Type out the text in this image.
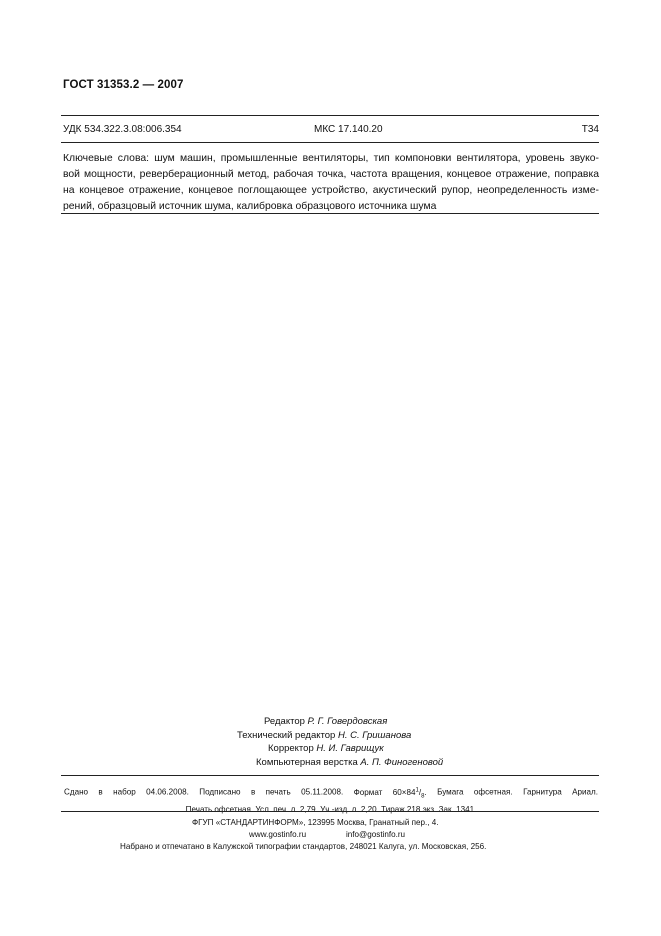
ГОСТ 31353.2 — 2007
УДК 534.322.3.08:006.354	МКС 17.140.20	Т34
Ключевые слова: шум машин, промышленные вентиляторы, тип компоновки вентилятора, уровень звуко-
вой мощности, реверберационный метод, рабочая точка, частота вращения, концевое отражение, поправка
на концевое отражение, концевое поглощающее устройство, акустический рупор, неопределенность изме-
рений, образцовый источник шума, калибровка образцового источника шума
Редактор Р. Г. Говердовская
Технический редактор Н. С. Гришанова
Корректор Н. И. Гаврищук
Компьютерная верстка А. П. Финогеновой
Сдано в набор 04.06.2008. Подписано в печать 05.11.2008. Формат $60\times 84^1/_8$. Бумага офсетная. Гарнитура Ариал.
Печать офсетная. Усл. печ. л. 2,79. Уч.-изд. л. 2,20. Тираж 218 экз. Зак. 1341.
ФГУП «СТАНДАРТИНФОРМ», 123995 Москва, Гранатный пер., 4.
www.gostinfo.ru	info@gostinfo.ru
Набрано и отпечатано в Калужской типографии стандартов, 248021 Калуга, ул. Московская, 256.
